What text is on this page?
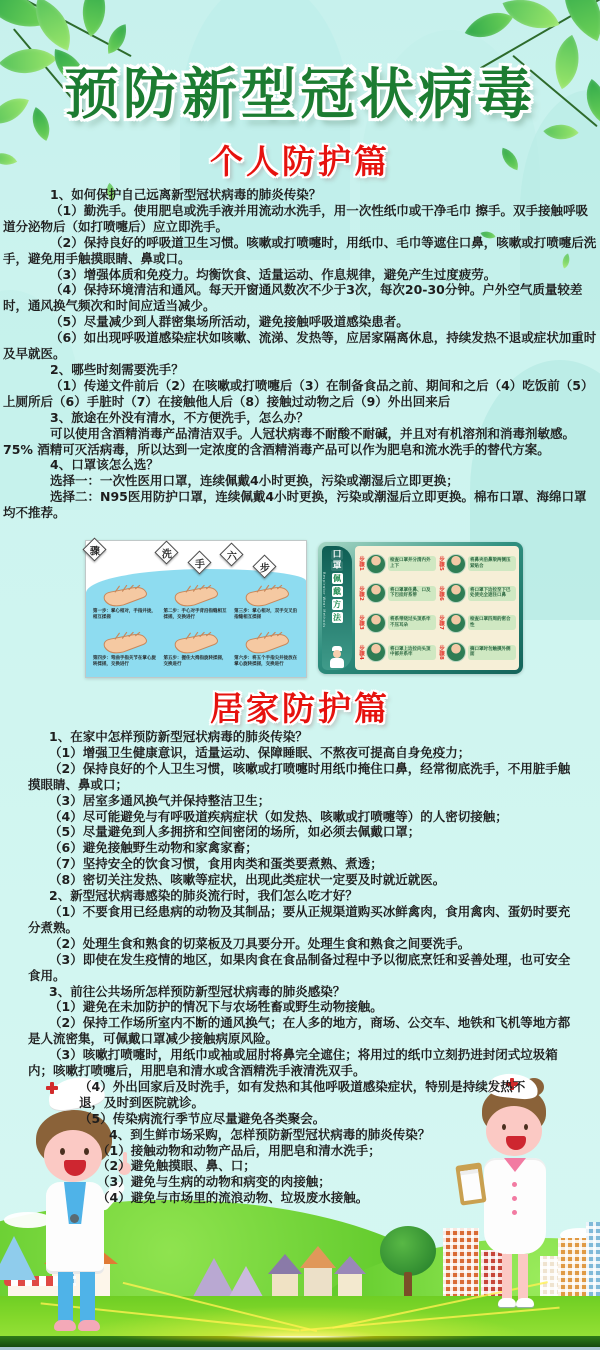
预防新型冠状病毒
个人防护篇
居家防护篇

1、如何保护自己远离新型冠状病毒的肺炎传染？

（1）勤洗手。使用肥皂或洗手液并用流动水洗手，用一次性纸巾或干净毛巾 擦手。双手接触呼吸道分泌物后（如打喷嚏后）应立即洗手。

（2）保持良好的呼吸道卫生习惯。咳嗽或打喷嚏时，用纸巾、毛巾等遮住口鼻，咳嗽或打喷嚏后洗手，避免用手触摸眼睛、鼻或口。

（3）增强体质和免疫力。均衡饮食、适量运动、作息规律，避免产生过度疲劳。

（4）保持环境清洁和通风。每天开窗通风数次不少于3次，每次20-30分钟。户外空气质量较差时，通风换气频次和时间应适当减少。

（5）尽量减少到人群密集场所活动，避免接触呼吸道感染患者。

（6）如出现呼吸道感染症状如咳嗽、流涕、发热等，应居家隔离休息，持续发热不退或症状加重时及早就医。

2、哪些时刻需要洗手？

（1）传递文件前后（2）在咳嗽或打喷嚏后（3）在制备食品之前、期间和之后（4）吃饭前（5）上厕所后（6）手脏时（7）在接触他人后（8）接触过动物之后（9）外出回来后

3、旅途在外没有清水，不方便洗手，怎么办？

可以使用含酒精消毒产品清洁双手。人冠状病毒不耐酸不耐碱，并且对有机溶剂和消毒剂敏感。75% 酒精可灭活病毒，所以达到一定浓度的含酒精消毒产品可以作为肥皂和流水洗手的替代方案。

4、口罩该怎么选？

选择一：一次性医用口罩，连续佩戴4小时更换，污染或潮湿后立即更换；

选择二：N95医用防护口罩，连续佩戴4小时更换，污染或潮湿后立即更换。棉布口罩、海绵口罩均不推荐。

1、在家中怎样预防新型冠状病毒的肺炎传染？

（1）增强卫生健康意识，适量运动、保障睡眠、不熬夜可提高自身免疫力；

（2）保持良好的个人卫生习惯，咳嗽或打喷嚏时用纸巾掩住口鼻，经常彻底洗手，不用脏手触摸眼睛、鼻或口；

（3）居室多通风换气并保持整洁卫生；

（4）尽可能避免与有呼吸道疾病症状（如发热、咳嗽或打喷嚏等）的人密切接触；

（5）尽量避免到人多拥挤和空间密闭的场所，如必须去佩戴口罩；

（6）避免接触野生动物和家禽家畜；

（7）坚持安全的饮食习惯，食用肉类和蛋类要煮熟、煮透；

（8）密切关注发热、咳嗽等症状，出现此类症状一定要及时就近就医。

2、新型冠状病毒感染的肺炎流行时，我们怎么吃才好？

（1）不要食用已经患病的动物及其制品；要从正规渠道购买冰鲜禽肉，食用禽肉、蛋奶时要充分煮熟。

（2）处理生食和熟食的切菜板及刀具要分开。处理生食和熟食之间要洗手。

（3）即使在发生疫情的地区，如果肉食在食品制备过程中予以彻底烹饪和妥善处理，也可安全食用。

3、前往公共场所怎样预防新型冠状病毒的肺炎感染？

（1）避免在未加防护的情况下与农场牲畜或野生动物接触。

（2）保持工作场所室内不断的通风换气；在人多的地方，商场、公交车、地铁和飞机等地方都是人流密集，可佩戴口罩减少接触病原风险。

（3）咳嗽打喷嚏时，用纸巾或袖或屈肘将鼻完全遮住；将用过的纸巾立刻扔进封闭式垃圾箱内；咳嗽打喷嚏后，用肥皂和清水或含酒精洗手液清洗双手。

（4）外出回家后及时洗手，如有发热和其他呼吸道感染症状，特别是持续发热不退，及时到医院就诊。

（5）传染病流行季节应尽量避免各类聚会。

4、到生鲜市场采购，怎样预防新型冠状病毒的肺炎传染？

（1）接触动物和动物产品后，用肥皂和清水洗手；

（2）避免触摸眼、鼻、口；

（3）避免与生病的动物和病变的肉接触；

（4）避免与市场里的流浪动物、垃圾废水接触。

洗
手
六
步
骤
第一步：掌心相对，手指并拢，相互揉搓
第二步：手心对手背沿指缝相互揉搓，交换进行
第三步：掌心相对，双手交叉沿指缝相互揉搓
第四步：弯曲手指关节在掌心旋转揉搓，交换进行
第五步：握住大拇指旋转揉搓，交换进行
第六步：将五个手指尖并拢放在掌心旋转揉搓，交换进行
口
罩
佩
戴
方
法
Respirator Wear Methods
步骤1	检查口罩并分清内外上下	步骤5	将鼻夹沿鼻梁两侧压紧贴合
步骤2	将口罩罩住鼻、口及下巴挂好系带	步骤6	将口罩下边拉至下巴处使完全遮住口鼻
步骤3	将系带绕过头顶系牢不压耳朵	步骤7	检查口罩四周的密合性
步骤4	将口罩上边拉向头顶中部并系牢	步骤8	摘口罩时勿触摸外侧面
